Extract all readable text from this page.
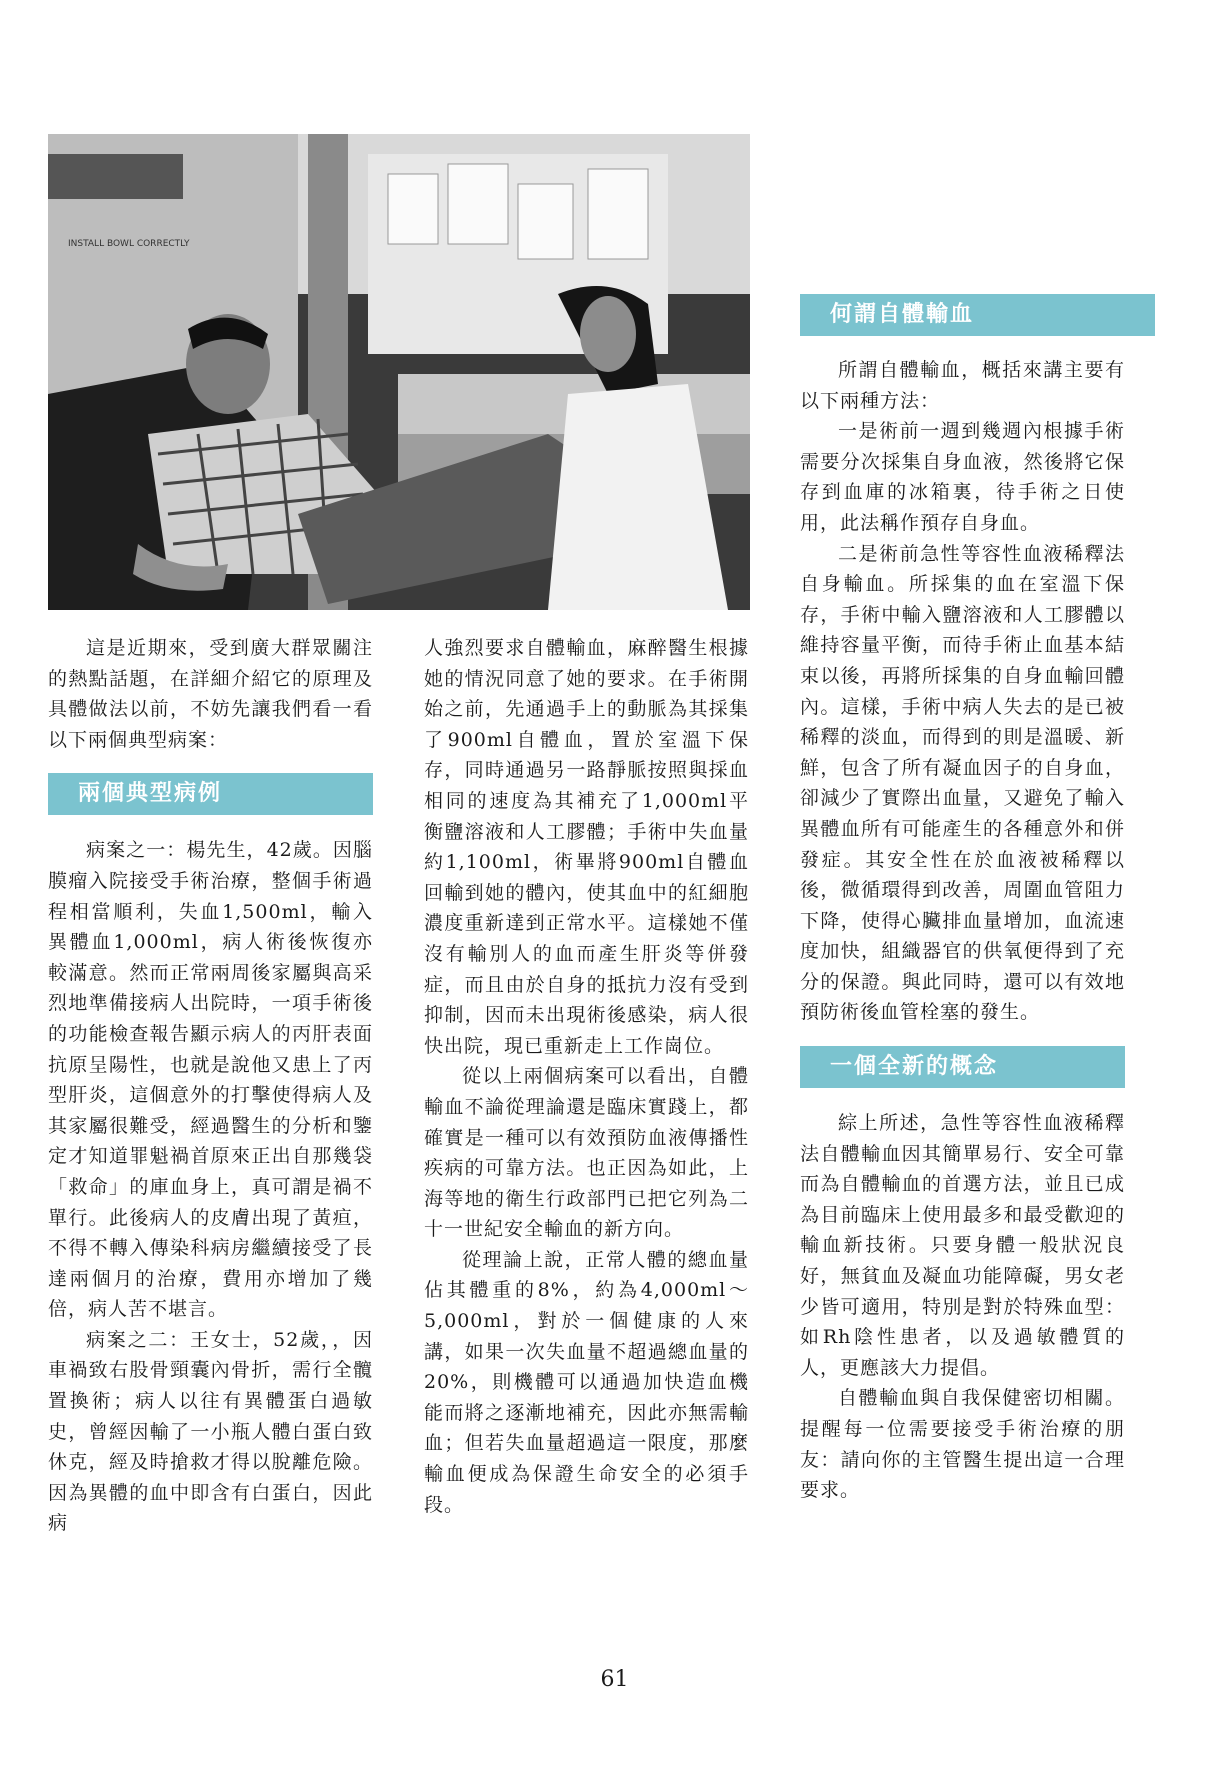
INSTALL BOWL CORRECTLY

這是近期來，受到廣大群眾關注的熱點話題，在詳細介紹它的原理及具體做法以前，不妨先讓我們看一看以下兩個典型病案：

兩個典型病例

病案之一：楊先生，42歲。因腦膜瘤入院接受手術治療，整個手術過程相當順利，失血1,500ml，輸入異體血1,000ml，病人術後恢復亦較滿意。然而正常兩周後家屬與高采烈地準備接病人出院時，一項手術後的功能檢查報告顯示病人的丙肝表面抗原呈陽性，也就是說他又患上了丙型肝炎，這個意外的打擊使得病人及其家屬很難受，經過醫生的分析和鑒定才知道罪魁禍首原來正出自那幾袋「救命」的庫血身上，真可謂是禍不單行。此後病人的皮膚出現了黃疸，不得不轉入傳染科病房繼續接受了長達兩個月的治療，費用亦增加了幾倍，病人苦不堪言。

病案之二：王女士，52歲，，因車禍致右股骨頸囊內骨折，需行全髖置換術；病人以往有異體蛋白過敏史，曾經因輸了一小瓶人體白蛋白致休克，經及時搶救才得以脫離危險。因為異體的血中即含有白蛋白，因此病

人強烈要求自體輸血，麻醉醫生根據她的情況同意了她的要求。在手術開始之前，先通過手上的動脈為其採集了900ml自體血，置於室溫下保存，同時通過另一路靜脈按照與採血相同的速度為其補充了1,000ml平衡鹽溶液和人工膠體；手術中失血量約1,100ml，術畢將900ml自體血回輸到她的體內，使其血中的紅細胞濃度重新達到正常水平。這樣她不僅沒有輸別人的血而產生肝炎等併發症，而且由於自身的抵抗力沒有受到抑制，因而未出現術後感染，病人很快出院，現已重新走上工作崗位。

從以上兩個病案可以看出，自體輸血不論從理論還是臨床實踐上，都確實是一種可以有效預防血液傳播性疾病的可靠方法。也正因為如此，上海等地的衛生行政部門已把它列為二十一世紀安全輸血的新方向。

從理論上說，正常人體的總血量佔其體重的8%，約為4,000ml～5,000ml，對於一個健康的人來講，如果一次失血量不超過總血量的20%，則機體可以通過加快造血機能而將之逐漸地補充，因此亦無需輸血；但若失血量超過這一限度，那麼輸血便成為保證生命安全的必須手段。

何謂自體輸血

所謂自體輸血，概括來講主要有以下兩種方法：

一是術前一週到幾週內根據手術需要分次採集自身血液，然後將它保存到血庫的冰箱裏，待手術之日使用，此法稱作預存自身血。

二是術前急性等容性血液稀釋法自身輸血。所採集的血在室溫下保存，手術中輸入鹽溶液和人工膠體以維持容量平衡，而待手術止血基本結束以後，再將所採集的自身血輸回體內。這樣，手術中病人失去的是已被稀釋的淡血，而得到的則是溫暖、新鮮，包含了所有凝血因子的自身血，卻減少了實際出血量，又避免了輸入異體血所有可能產生的各種意外和併發症。其安全性在於血液被稀釋以後，微循環得到改善，周圍血管阻力下降，使得心臟排血量增加，血流速度加快，組織器官的供氧便得到了充分的保證。與此同時，還可以有效地預防術後血管栓塞的發生。

一個全新的概念

綜上所述，急性等容性血液稀釋法自體輸血因其簡單易行、安全可靠而為自體輸血的首選方法，並且已成為目前臨床上使用最多和最受歡迎的輸血新技術。只要身體一般狀況良好，無貧血及凝血功能障礙，男女老少皆可適用，特別是對於特殊血型：如Rh陰性患者，以及過敏體質的人，更應該大力提倡。

自體輸血與自我保健密切相關。提醒每一位需要接受手術治療的朋友：請向你的主管醫生提出這一合理要求。

61
